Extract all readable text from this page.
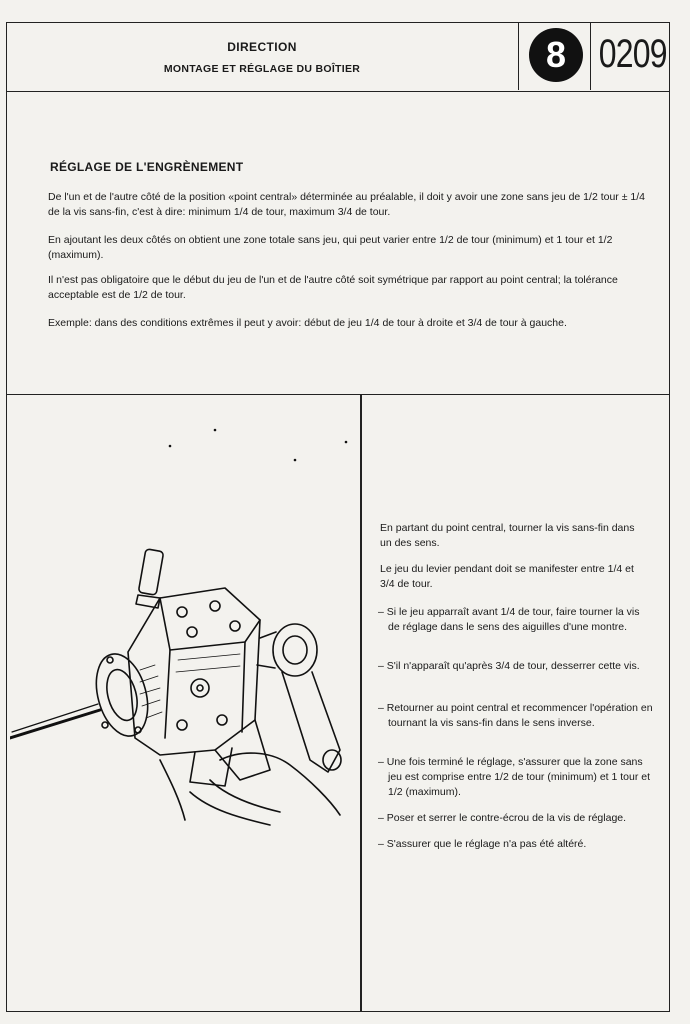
DIRECTION
MONTAGE ET RÉGLAGE DU BOÎTIER	8 0209
RÉGLAGE DE L'ENGRÈNEMENT
De l'un et de l'autre côté de la position «point central» déterminée au préalable, il doit y avoir une zone sans jeu de 1/2 tour ± 1/4 de la vis sans-fin, c'est à dire: minimum 1/4 de tour, maximum 3/4 de tour.
En ajoutant les deux côtés on obtient une zone totale sans jeu, qui peut varier entre 1/2 de tour (minimum) et 1 tour et 1/2 (maximum).
Il n'est pas obligatoire que le début du jeu de l'un et de l'autre côté soit symétrique par rapport au point central; la tolérance acceptable est de 1/2 de tour.
Exemple: dans des conditions extrêmes il peut y avoir: début de jeu 1/4 de tour à droite et 3/4 de tour à gauche.
En partant du point central, tourner la vis sans-fin dans un des sens.
Le jeu du levier pendant doit se manifester entre 1/4 et 3/4 de tour.
– Si le jeu apparraît avant 1/4 de tour, faire tourner la vis de réglage dans le sens des aiguilles d'une montre.
– S'il n'apparaît qu'après 3/4 de tour, desserrer cette vis.
– Retourner au point central et recommencer l'opération en tournant la vis sans-fin dans le sens inverse.
– Une fois terminé le réglage, s'assurer que la zone sans jeu est comprise entre 1/2 de tour (minimum) et 1 tour et 1/2 (maximum).
– Poser et serrer le contre-écrou de la vis de réglage.
– S'assurer que le réglage n'a pas été altéré.
